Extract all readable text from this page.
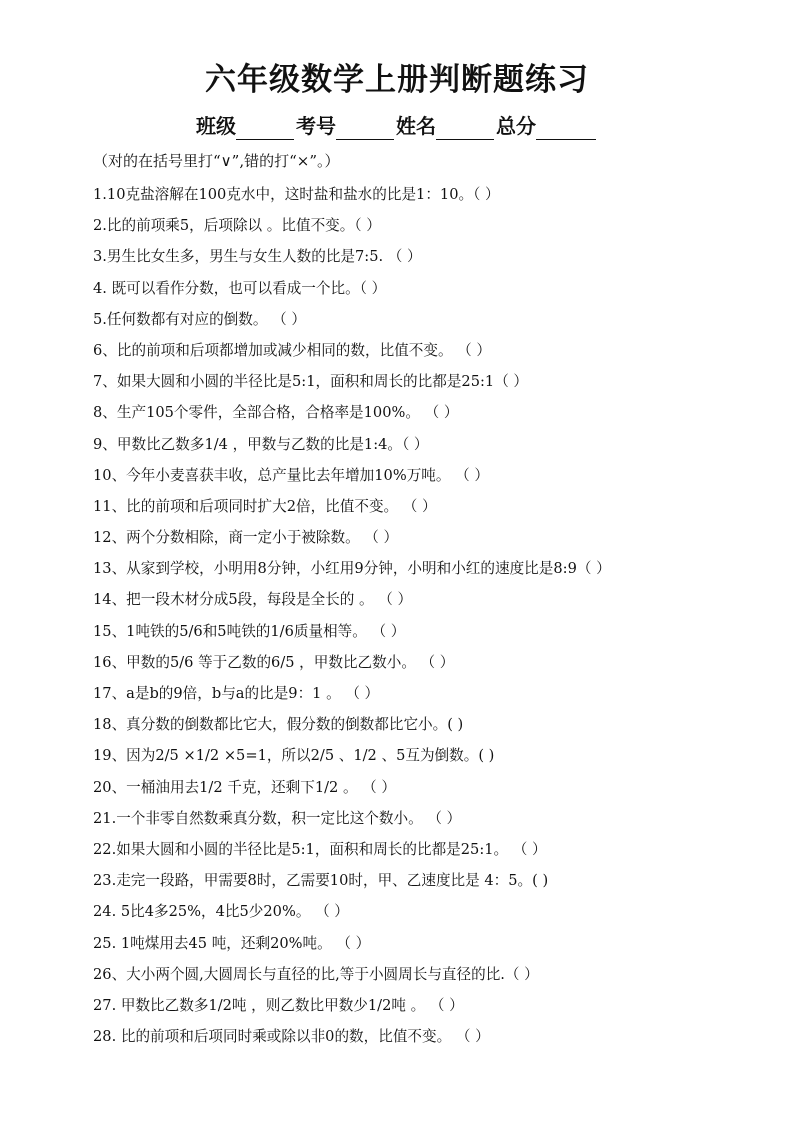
六年级数学上册判断题练习
班级	考号	姓名	总分
（对的在括号里打“∨”,错的打“×”。）
1.10克盐溶解在100克水中，这时盐和盐水的比是1：10。（ ）
2.比的前项乘5，后项除以 。比值不变。（ ）
3.男生比女生多，男生与女生人数的比是7:5. （ ）
4. 既可以看作分数，也可以看成一个比。（ ）
5.任何数都有对应的倒数。 （ ）
6、比的前项和后项都增加或减少相同的数，比值不变。 （ ）
7、如果大圆和小圆的半径比是5:1，面积和周长的比都是25:1（ ）
8、生产105个零件，全部合格，合格率是100%。 （ ）
9、甲数比乙数多1/4 ，甲数与乙数的比是1:4。（ ）
10、今年小麦喜获丰收，总产量比去年增加10%万吨。 （ ）
11、比的前项和后项同时扩大2倍，比值不变。 （ ）
12、两个分数相除，商一定小于被除数。 （ ）
13、从家到学校，小明用8分钟，小红用9分钟，小明和小红的速度比是8:9（ ）
14、把一段木材分成5段，每段是全长的 。 （ ）
15、1吨铁的5/6和5吨铁的1/6质量相等。 （ ）
16、甲数的5/6 等于乙数的6/5 ，甲数比乙数小。 （ ）
17、a是b的9倍，b与a的比是9：1 。 （ ）
18、真分数的倒数都比它大，假分数的倒数都比它小。( )
19、因为2/5 ×1/2 ×5=1，所以2/5 、1/2 、5互为倒数。( )
20、一桶油用去1/2 千克，还剩下1/2 。 （ ）
21.一个非零自然数乘真分数，积一定比这个数小。 （ ）
22.如果大圆和小圆的半径比是5:1，面积和周长的比都是25:1。 （ ）
23.走完一段路，甲需要8时，乙需要10时，甲、乙速度比是 4：5。( )
24. 5比4多25%，4比5少20%。 （ ）
25. 1吨煤用去45 吨，还剩20%吨。 （ ）
26、大小两个圆,大圆周长与直径的比,等于小圆周长与直径的比.（ ）
27. 甲数比乙数多1/2吨 ，则乙数比甲数少1/2吨 。 （ ）
28. 比的前项和后项同时乘或除以非0的数，比值不变。 （ ）
